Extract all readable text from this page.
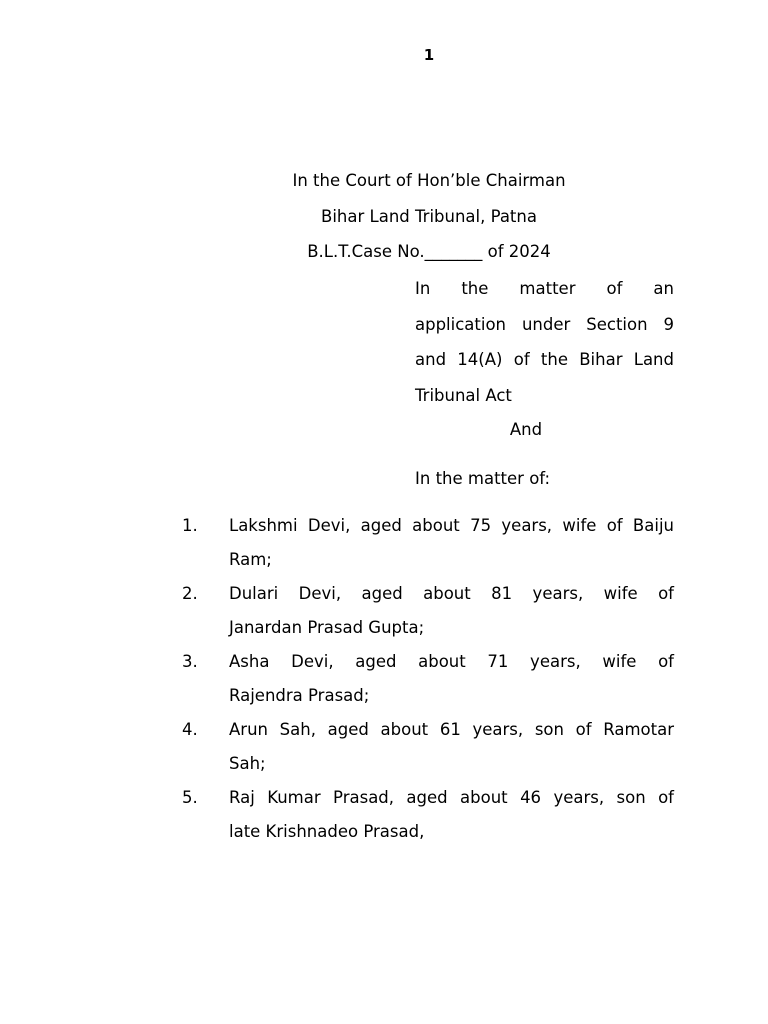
1
In the Court of Hon’ble Chairman
Bihar Land Tribunal, Patna
B.L.T.Case No._______ of 2024
In the matter of an
application under Section 9
and 14(A) of the Bihar Land
Tribunal Act
And
In the matter of:
1. Lakshmi Devi, aged about 75 years, wife of Baiju
Ram;
2. Dulari Devi, aged about 81 years, wife of
Janardan Prasad Gupta;
3. Asha Devi, aged about 71 years, wife of
Rajendra Prasad;
4. Arun Sah, aged about 61 years, son of Ramotar
Sah;
5. Raj Kumar Prasad, aged about 46 years, son of
late Krishnadeo Prasad,
